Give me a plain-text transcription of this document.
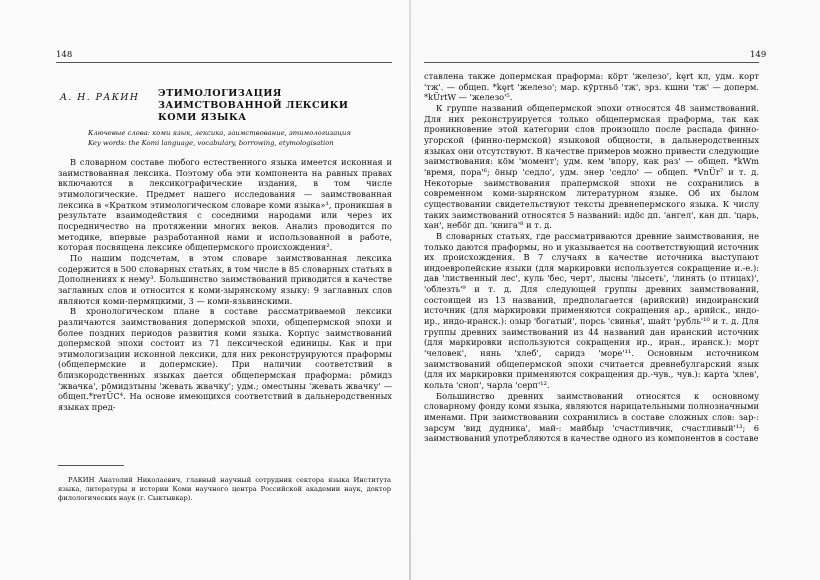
148	149
А. Н. РАКИН ЭТИМОЛОГИЗАЦИЯ
ЗАИМСТВОВАННОЙ ЛЕКСИКИ
КОМИ ЯЗЫКА
Ключевые слова: коми язык, лексика, заимствование, этимологизация
Key words: the Komi language, vocabulary, borrowing, etymologisation

В словарном составе любого естественного языка имеется исконная и заимствованная лексика. Поэтому оба эти компонента на равных правах включаются в лексикографические издания, в том числе этимологические. Предмет нашего исследования — заимствованная лексика в «Кратком этимологическом словаре коми языка»¹, проникшая в результате взаимодействия с соседними народами или через их посредничество на протяжении многих веков. Анализ проводится по методике, впервые разработанной нами и использованной в работе, которая посвящена лексике общепермского происхождения².

По нашим подсчетам, в этом словаре заимствованная лексика содержится в 500 словарных статьях, в том числе в 85 словарных статьях в Дополнениях к нему³. Большинство заимствований приводится в качестве заглавных слов и относится к коми-зырянскому языку: 9 заглавных слов являются коми-пермяцкими, 3 — коми-язьвинскими.

В хронологическом плане в составе рассматриваемой лексики различаются заимствования допермской эпохи, общепермской эпохи и более поздних периодов развития коми языка. Корпус заимствований допермской эпохи состоит из 71 лексической единицы. Как и при этимологизации исконной лексики, для них реконструируются праформы (общепермские и допермские). При наличии соответствий в близкородственных языках дается общепермская праформа: рӧмидз 'жвачка', рӧмидзтыны 'жевать жвачку'; удм.; оместыны 'жевать жвачку' — общеп.*reтÜС⁴. На основе имеющихся соответствий в дальнеродственных языках пред-

РАКИН Анатолий Николаевич, главный научный сотрудник сектора языка Института языка, литературы и истории Коми научного центра Российской академии наук, доктор филологических наук (г. Сыктывкар).

ставлена также допермская праформа: кӧрт 'железо', kęrt кл, удм. корт 'тж'. — общеп. *kęrt 'железо'; мар. кӱртньӧ 'тж', эрз. кшни 'тж' — доперм. *kÜrtW — 'железо'⁵.

К группе названий общепермской эпохи относятся 48 заимствований. Для них реконструируется только общепермская праформа, так как проникновение этой категории слов произошло после распада финно-угорской (финно-пермской) языковой общности, в дальнеродственных языках они отсутствуют. В качестве примеров можно привести следующие заимствования: кӧм 'момент'; удм. кем 'впору, как раз' — общеп. *kWm 'время, пора'⁶; ӧныр 'седло', удм. энер 'седло' — общеп. *VnÜr⁷ и т. д. Некоторые заимствования прапермской эпохи не сохранились в современном коми-зырянском литературном языке. Об их былом существовании свидетельствуют тексты древнепермского языка. К числу таких заимствований относятся 5 названий: идӧс дп. 'ангел', кан дп. 'царь, хан', небӧг дп. 'книга'⁸ и т. д.

В словарных статьях, где рассматриваются древние заимствования, не только даются праформы, но и указывается на соответствующий источник их происхождения. В 7 случаях в качестве источника выступают индоевропейские языки (для маркировки используется сокращение и.-е.): дав 'лиственный лес', куль 'бес, черт', лысны 'лысеть', 'линять (о птицах)', 'облезть'⁹ и т. д. Для следующей группы древних заимствований, состоящей из 13 названий, предполагается (арийский) индоиранский источник (для маркировки применяются сокращения ар., арийск., индо-ир., индо-иранск.): озыр 'богатый', порсь 'свинья', шайт 'рубль'¹⁰ и т. д. Для группы древних заимствований из 44 названий дан иранский источник (для маркировки используются сокращения ир., иран., иранск.): морт 'человек', нянь 'хлеб', саридз 'море'¹¹. Основным источником заимствований общепермской эпохи считается древнебулгарский язык (для их маркировки применяются сокращения др.-чув., чув.): карта 'хлев', кольта 'сноп', чарла 'серп'¹².

Большинство древних заимствований относятся к основному словарному фонду коми языка, являются нарицательными полнозначными именами. При заимствовании сохранились в составе сложных слов: зар-: зарсум 'вид дудника', май-: майбыр 'счастливчик, счастливый'¹³; 6 заимствований употребляются в качестве одного из компонентов в составе
